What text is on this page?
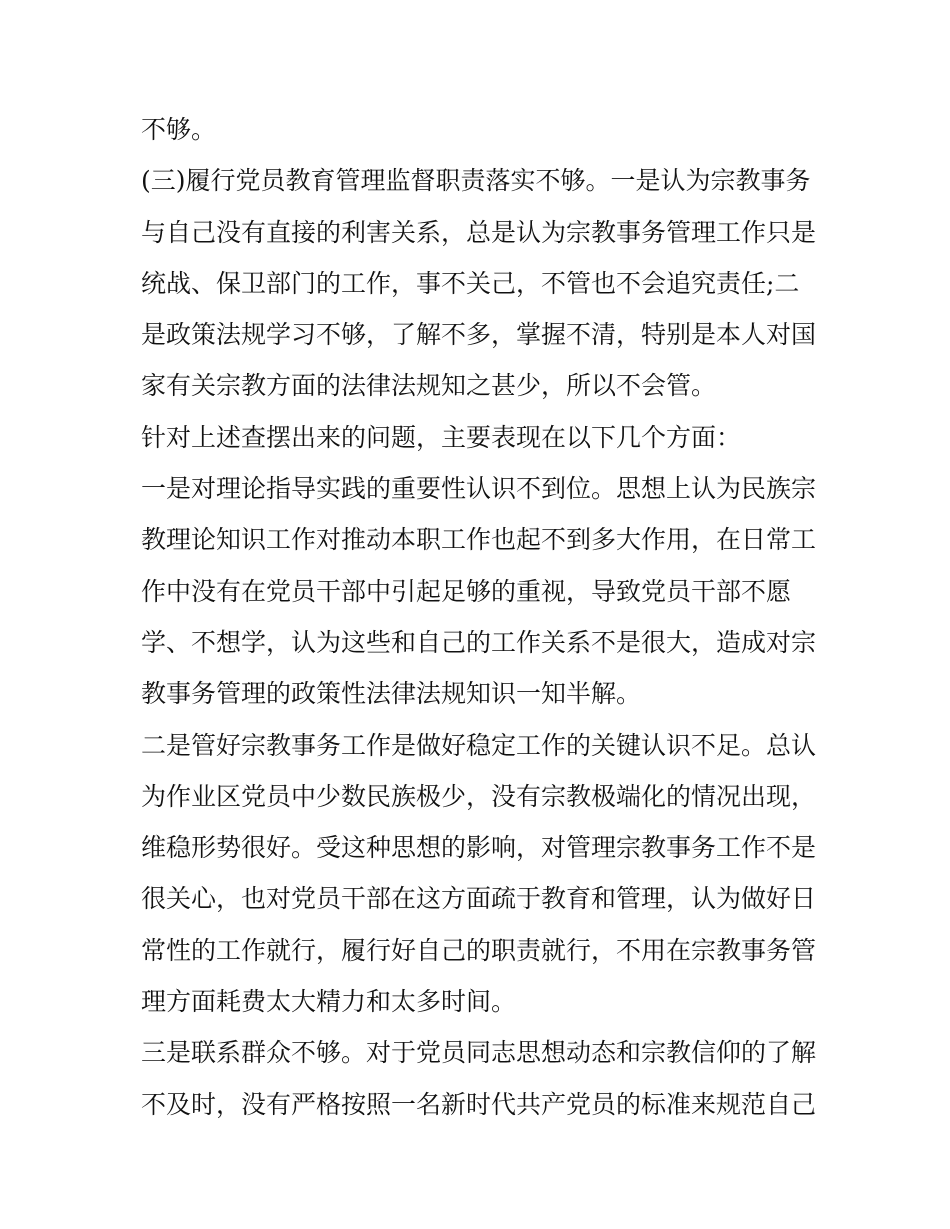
不够。
(三)履行党员教育管理监督职责落实不够。一是认为宗教事务
与自己没有直接的利害关系，总是认为宗教事务管理工作只是
统战、保卫部门的工作，事不关己，不管也不会追究责任;二
是政策法规学习不够，了解不多，掌握不清，特别是本人对国
家有关宗教方面的法律法规知之甚少，所以不会管。
针对上述查摆出来的问题，主要表现在以下几个方面：
一是对理论指导实践的重要性认识不到位。思想上认为民族宗
教理论知识工作对推动本职工作也起不到多大作用，在日常工
作中没有在党员干部中引起足够的重视，导致党员干部不愿
学、不想学，认为这些和自己的工作关系不是很大，造成对宗
教事务管理的政策性法律法规知识一知半解。
二是管好宗教事务工作是做好稳定工作的关键认识不足。总认
为作业区党员中少数民族极少，没有宗教极端化的情况出现，
维稳形势很好。受这种思想的影响，对管理宗教事务工作不是
很关心，也对党员干部在这方面疏于教育和管理，认为做好日
常性的工作就行，履行好自己的职责就行，不用在宗教事务管
理方面耗费太大精力和太多时间。
三是联系群众不够。对于党员同志思想动态和宗教信仰的了解
不及时，没有严格按照一名新时代共产党员的标准来规范自己
